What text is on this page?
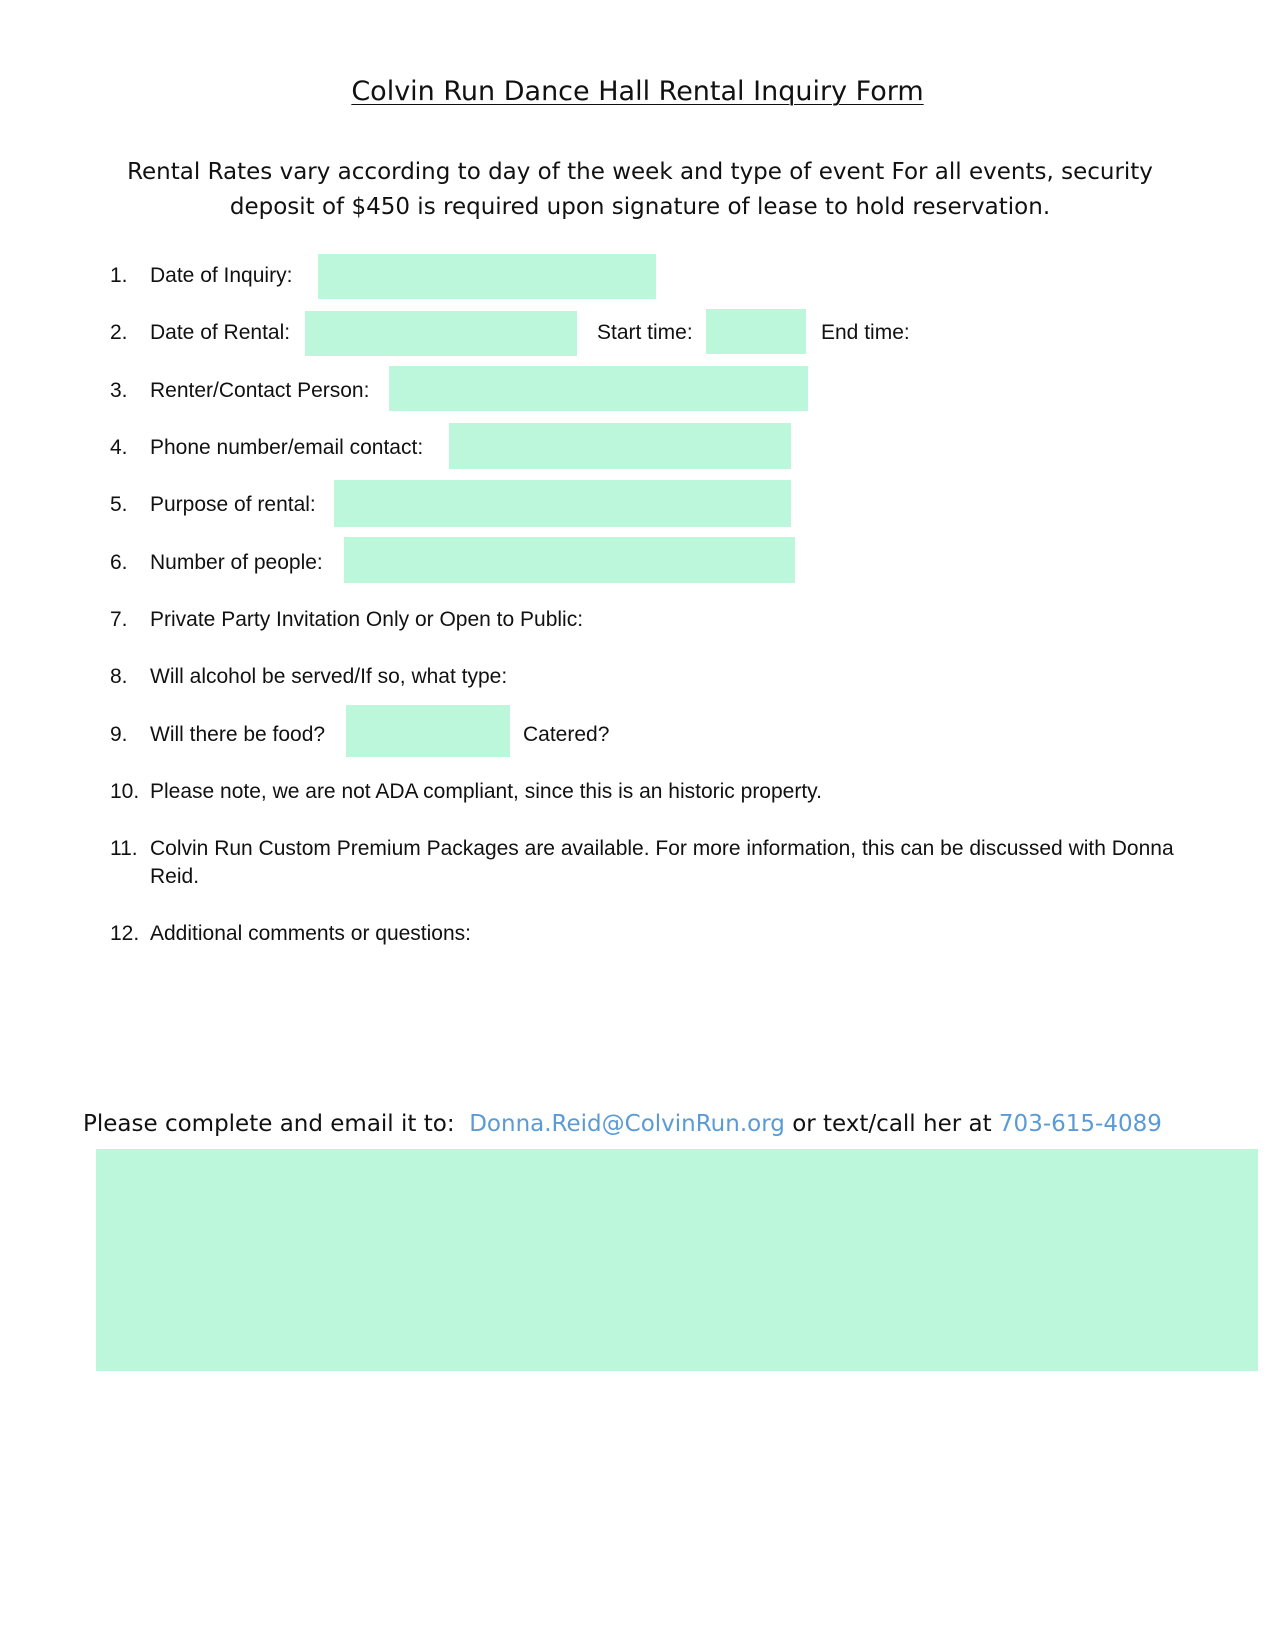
Colvin Run Dance Hall Rental Inquiry Form
Rental Rates vary according to day of the week and type of event For all events, security deposit of $450 is required upon signature of lease to hold reservation.
1. Date of Inquiry:
2. Date of Rental:	Start time:	End time:
3. Renter/Contact Person:
4. Phone number/email contact:
5. Purpose of rental:
6. Number of people:
7. Private Party Invitation Only or Open to Public:
8. Will alcohol be served/If so, what type:
9. Will there be food?	Catered?
10. Please note, we are not ADA compliant, since this is an historic property.
11. Colvin Run Custom Premium Packages are available. For more information, this can be discussed with Donna Reid.
12. Additional comments or questions:
Please complete and email it to: Donna.Reid@ColvinRun.org or text/call her at 703-615-4089
